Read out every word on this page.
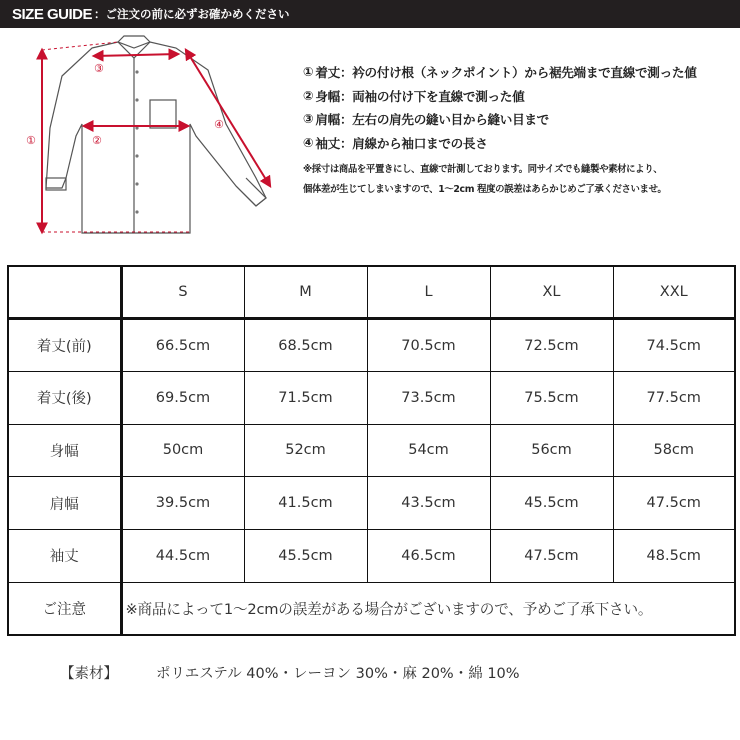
SIZE GUIDE ：ご注文の前に必ずお確かめください
①	②
③
④
① 着丈：衿の付け根（ネックポイント）から裾先端まで直線で測った値
② 身幅：両袖の付け下を直線で測った値
③ 肩幅：左右の肩先の縫い目から縫い目まで
④ 袖丈：肩線から袖口までの長さ
※採寸は商品を平置きにし、直線で計測しております。同サイズでも縫製や素材により、
個体差が生じてしまいますので、1〜2cm 程度の誤差はあらかじめご了承くださいませ。
	S	M	L	XL	XXL
着丈(前)	66.5cm	68.5cm	70.5cm	72.5cm	74.5cm
着丈(後)	69.5cm	71.5cm	73.5cm	75.5cm	77.5cm
身幅	50cm	52cm	54cm	56cm	58cm
肩幅	39.5cm	41.5cm	43.5cm	45.5cm	47.5cm
袖丈	44.5cm	45.5cm	46.5cm	47.5cm	48.5cm
ご注意	※商品によって1～2cmの誤差がある場合がございますので、予めご了承下さい。				
【素材】	ポリエステル 40%・レーヨン 30%・麻 20%・綿 10%
